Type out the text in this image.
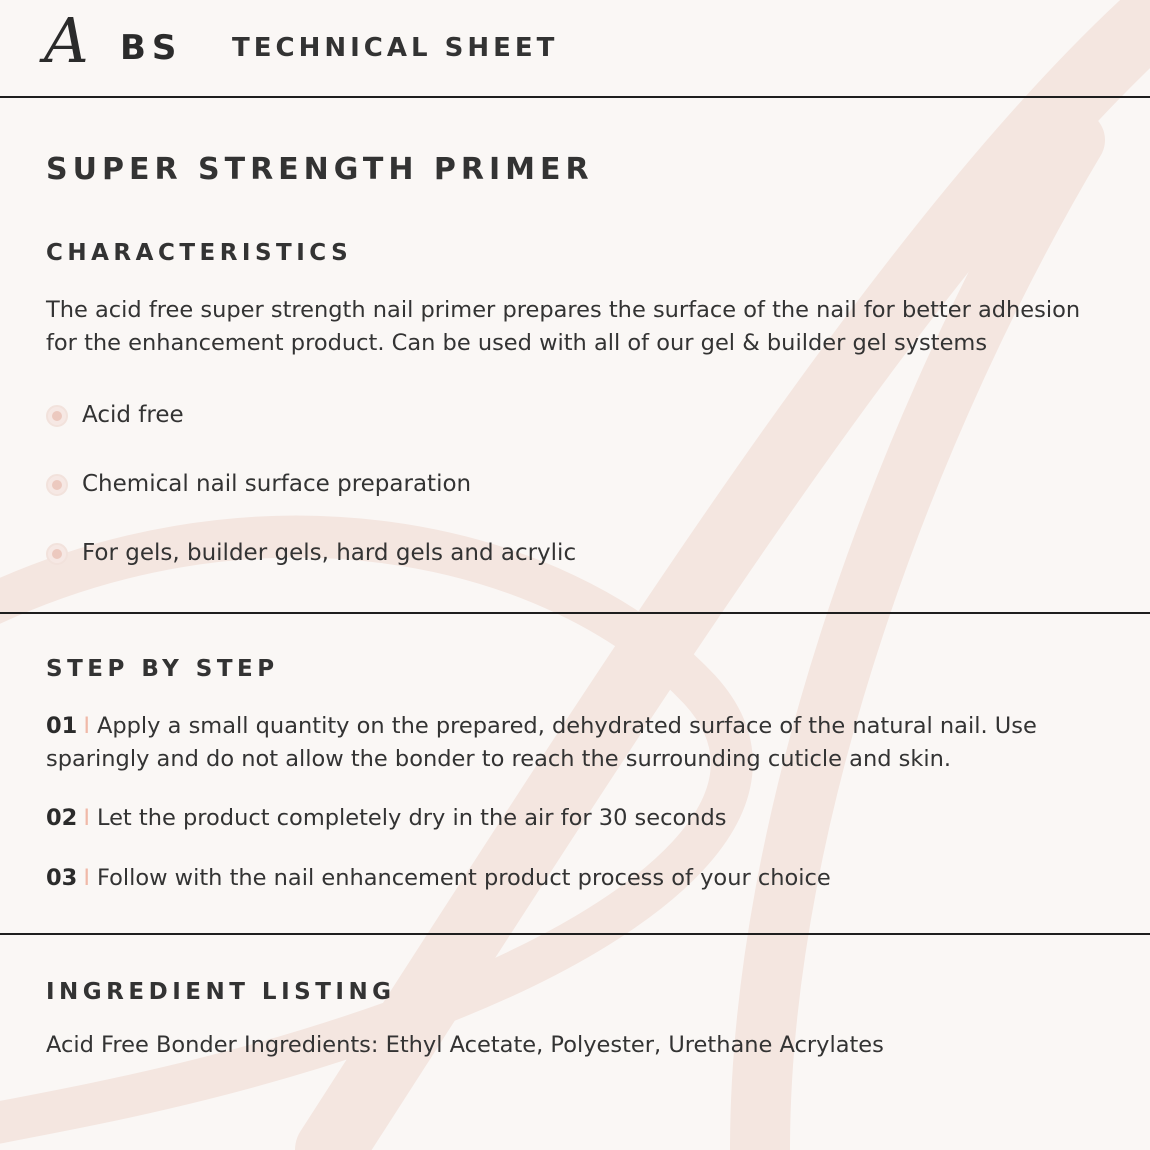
A BS TECHNICAL SHEET
SUPER STRENGTH PRIMER
CHARACTERISTICS
The acid free super strength nail primer prepares the surface of the nail for better adhesion for the enhancement product. Can be used with all of our gel & builder gel systems
Acid free
Chemical nail surface preparation
For gels, builder gels, hard gels and acrylic
STEP BY STEP
01 I Apply a small quantity on the prepared, dehydrated surface of the natural nail. Use sparingly and do not allow the bonder to reach the surrounding cuticle and skin.
02 I Let the product completely dry in the air for 30 seconds
03 I Follow with the nail enhancement product process of your choice
INGREDIENT LISTING
Acid Free Bonder Ingredients: Ethyl Acetate, Polyester, Urethane Acrylates
